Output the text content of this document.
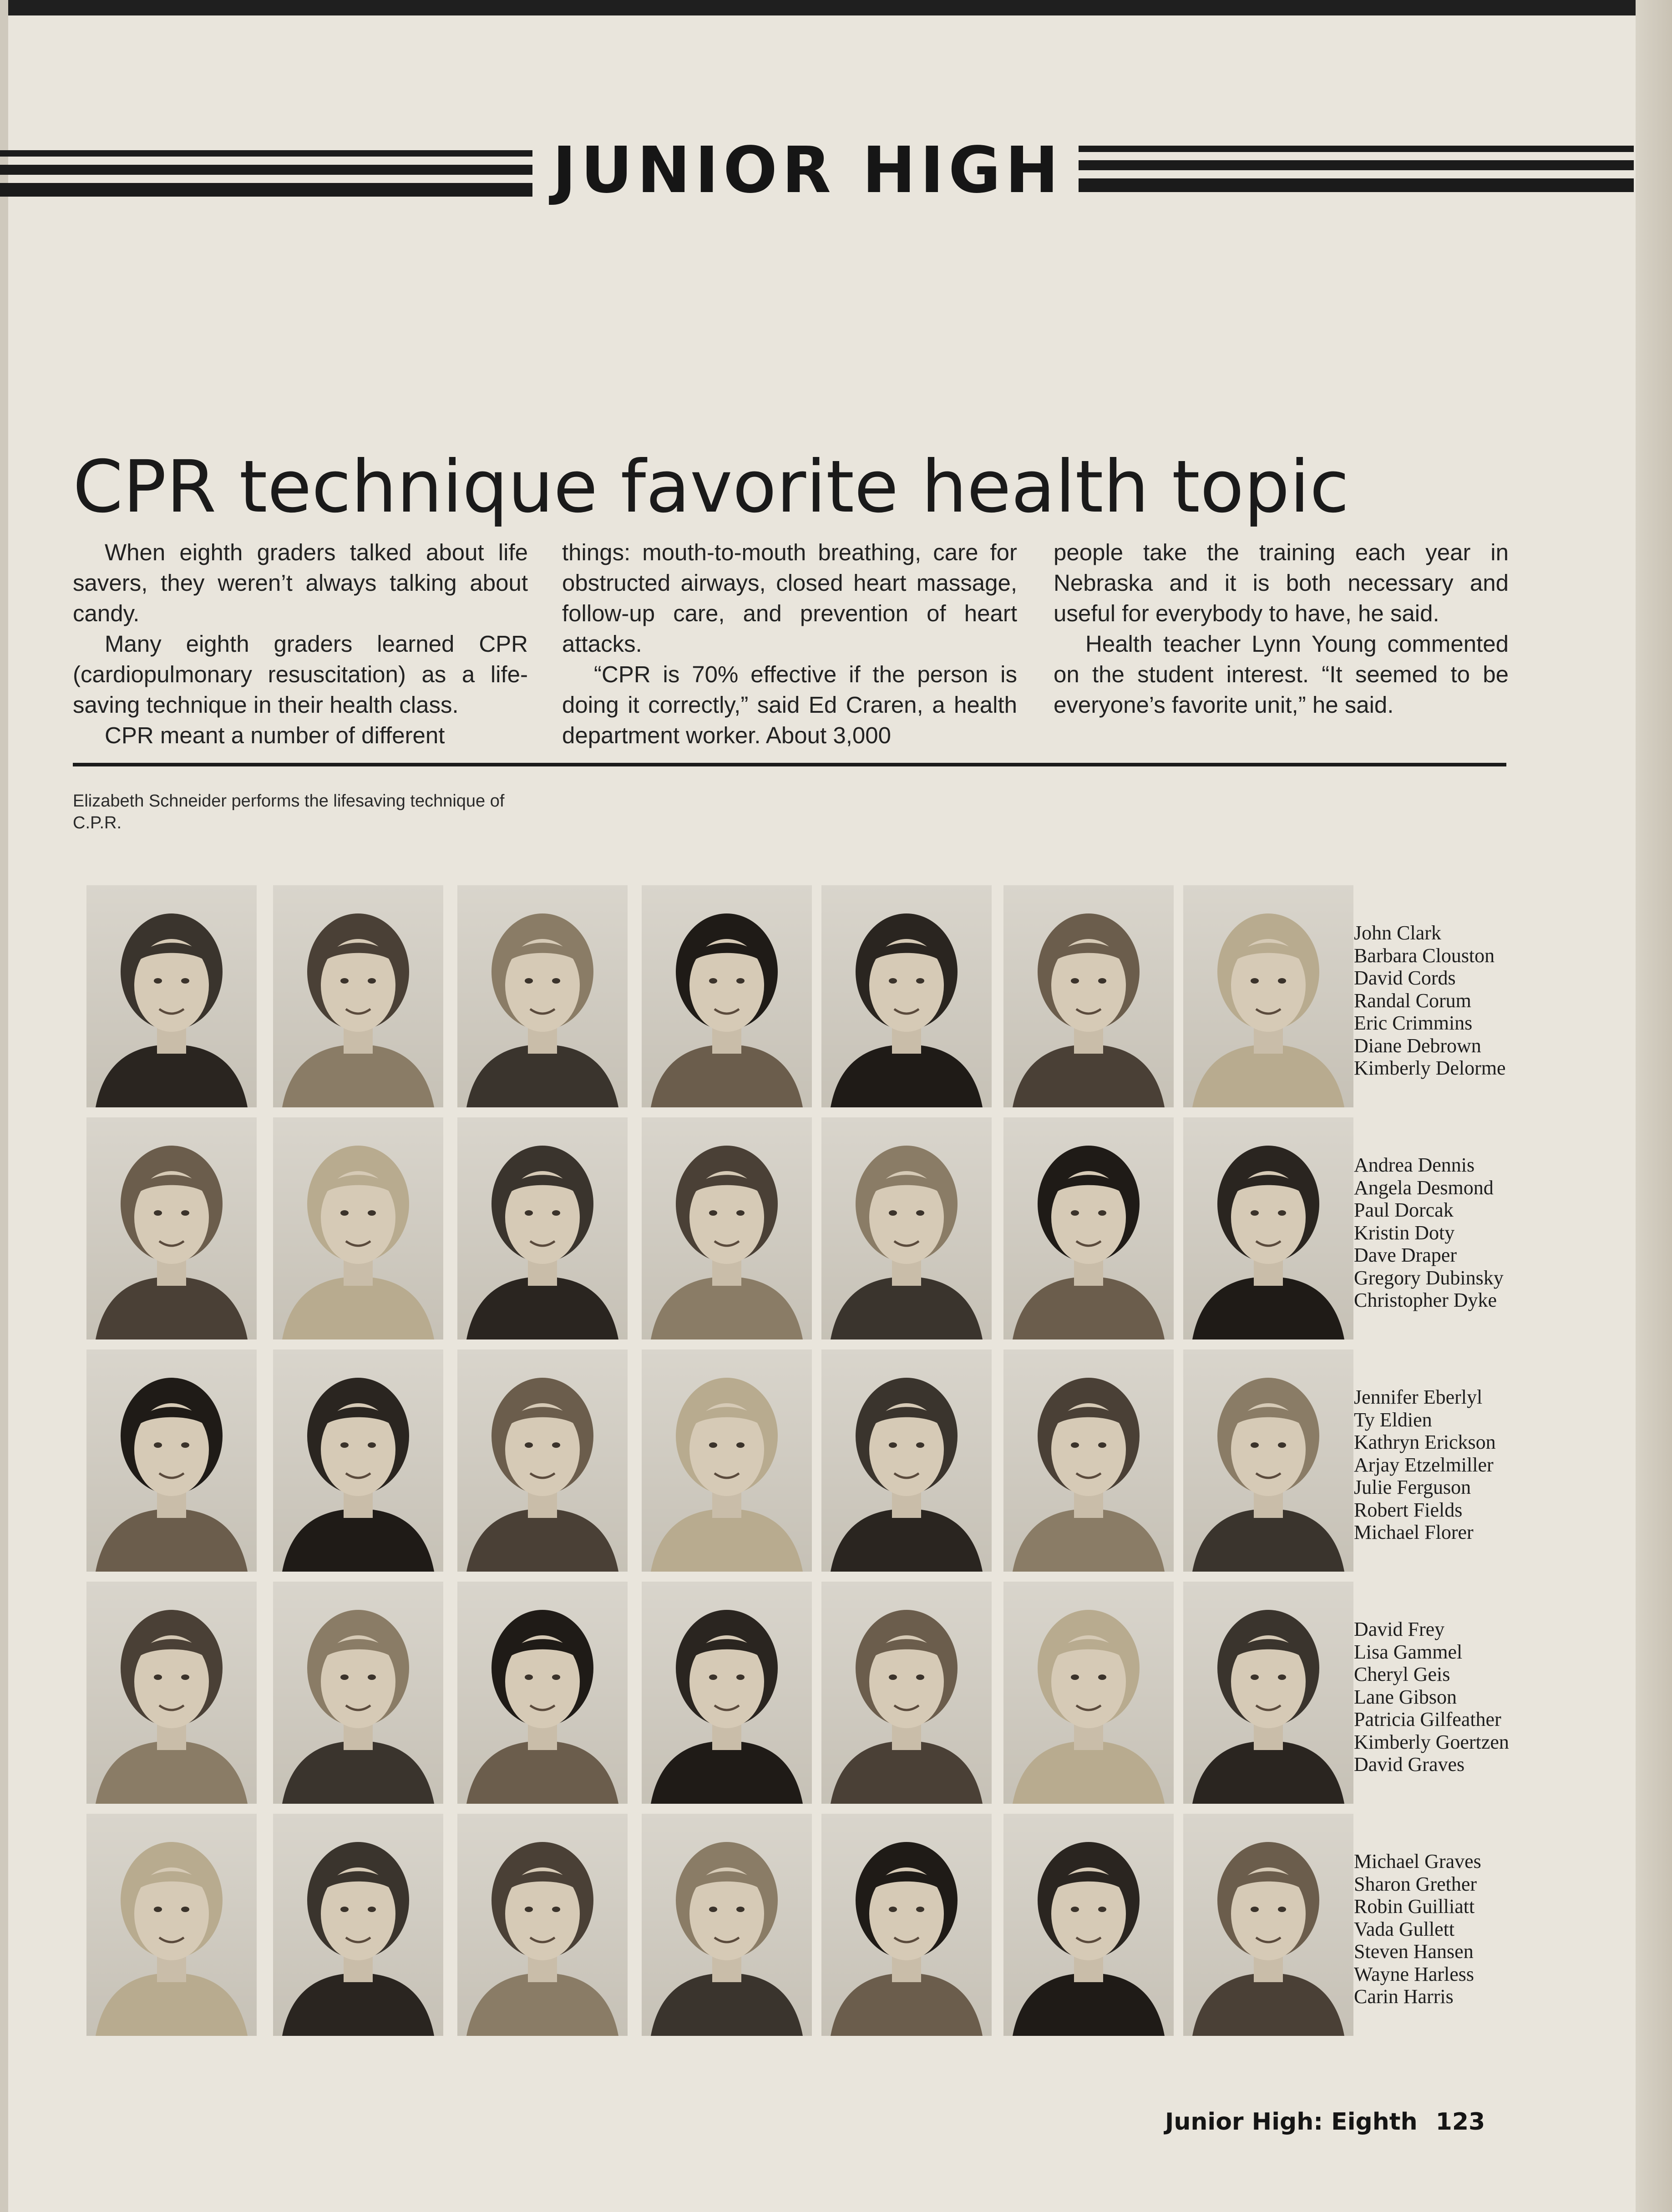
JUNIOR HIGH
CPR technique favorite health topic

When eighth graders talked about life savers, they weren’t always talking about candy.

Many eighth graders learned CPR (cardiopulmonary resuscitation) as a life-saving technique in their health class.

CPR meant a number of different

things: mouth-to-mouth breathing, care for obstructed airways, closed heart massage, follow-up care, and prevention of heart attacks.

“CPR is 70% effective if the person is doing it correctly,” said Ed Craren, a health department worker. About 3,000

people take the training each year in Nebraska and it is both necessary and useful for everybody to have, he said.

Health teacher Lynn Young commented on the student interest. “It seemed to be everyone’s favorite unit,” he said.

Elizabeth Schneider performs the lifesaving technique of C.P.R.
John Clark
Barbara Clouston
David Cords
Randal Corum
Eric Crimmins
Diane Debrown
Kimberly Delorme
Andrea Dennis
Angela Desmond
Paul Dorcak
Kristin Doty
Dave Draper
Gregory Dubinsky
Christopher Dyke
Jennifer Eberlyl
Ty Eldien
Kathryn Erickson
Arjay Etzelmiller
Julie Ferguson
Robert Fields
Michael Florer
David Frey
Lisa Gammel
Cheryl Geis
Lane Gibson
Patricia Gilfeather
Kimberly Goertzen
David Graves
Michael Graves
Sharon Grether
Robin Guilliatt
Vada Gullett
Steven Hansen
Wayne Harless
Carin Harris
Junior High: Eighth 123
